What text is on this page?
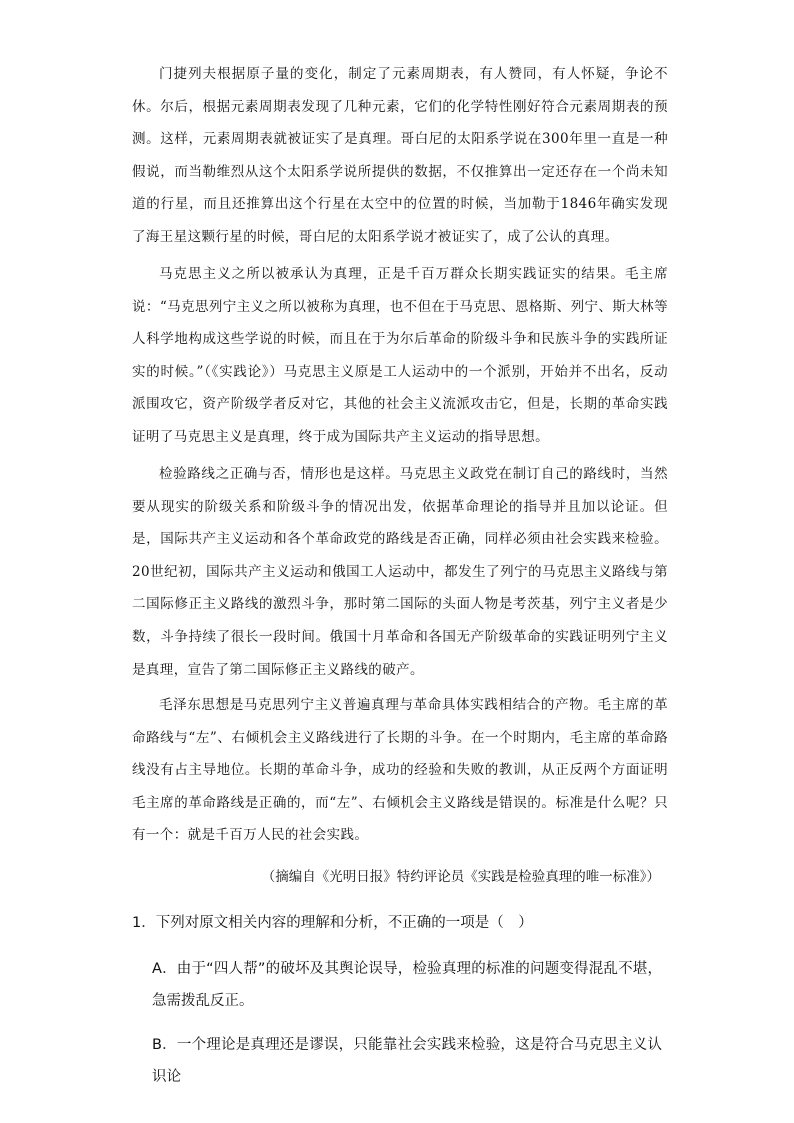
门捷列夫根据原子量的变化，制定了元素周期表，有人赞同，有人怀疑，争论不休。尔后，根据元素周期表发现了几种元素，它们的化学特性刚好符合元素周期表的预测。这样，元素周期表就被证实了是真理。哥白尼的太阳系学说在300年里一直是一种假说，而当勒维烈从这个太阳系学说所提供的数据，不仅推算出一定还存在一个尚未知道的行星，而且还推算出这个行星在太空中的位置的时候，当加勒于1846年确实发现了海王星这颗行星的时候，哥白尼的太阳系学说才被证实了，成了公认的真理。

马克思主义之所以被承认为真理，正是千百万群众长期实践证实的结果。毛主席说：“马克思列宁主义之所以被称为真理，也不但在于马克思、恩格斯、列宁、斯大林等人科学地构成这些学说的时候，而且在于为尔后革命的阶级斗争和民族斗争的实践所证实的时候。”（《实践论》）马克思主义原是工人运动中的一个派别，开始并不出名，反动派围攻它，资产阶级学者反对它，其他的社会主义流派攻击它，但是，长期的革命实践证明了马克思主义是真理，终于成为国际共产主义运动的指导思想。

检验路线之正确与否，情形也是这样。马克思主义政党在制订自己的路线时，当然要从现实的阶级关系和阶级斗争的情况出发，依据革命理论的指导并且加以论证。但是，国际共产主义运动和各个革命政党的路线是否正确，同样必须由社会实践来检验。20世纪初，国际共产主义运动和俄国工人运动中，都发生了列宁的马克思主义路线与第二国际修正主义路线的激烈斗争，那时第二国际的头面人物是考茨基，列宁主义者是少数，斗争持续了很长一段时间。俄国十月革命和各国无产阶级革命的实践证明列宁主义是真理，宣告了第二国际修正主义路线的破产。

毛泽东思想是马克思列宁主义普遍真理与革命具体实践相结合的产物。毛主席的革命路线与“左”、右倾机会主义路线进行了长期的斗争。在一个时期内，毛主席的革命路线没有占主导地位。长期的革命斗争，成功的经验和失败的教训，从正反两个方面证明毛主席的革命路线是正确的，而“左”、右倾机会主义路线是错误的。标准是什么呢？只有一个：就是千百万人民的社会实践。

（摘编自《光明日报》特约评论员《实践是检验真理的唯一标准》）

1．下列对原文相关内容的理解和分析，不正确的一项是（　）

A．由于“四人帮”的破坏及其舆论误导，检验真理的标准的问题变得混乱不堪，急需拨乱反正。

B．一个理论是真理还是谬误，只能靠社会实践来检验，这是符合马克思主义认识论
